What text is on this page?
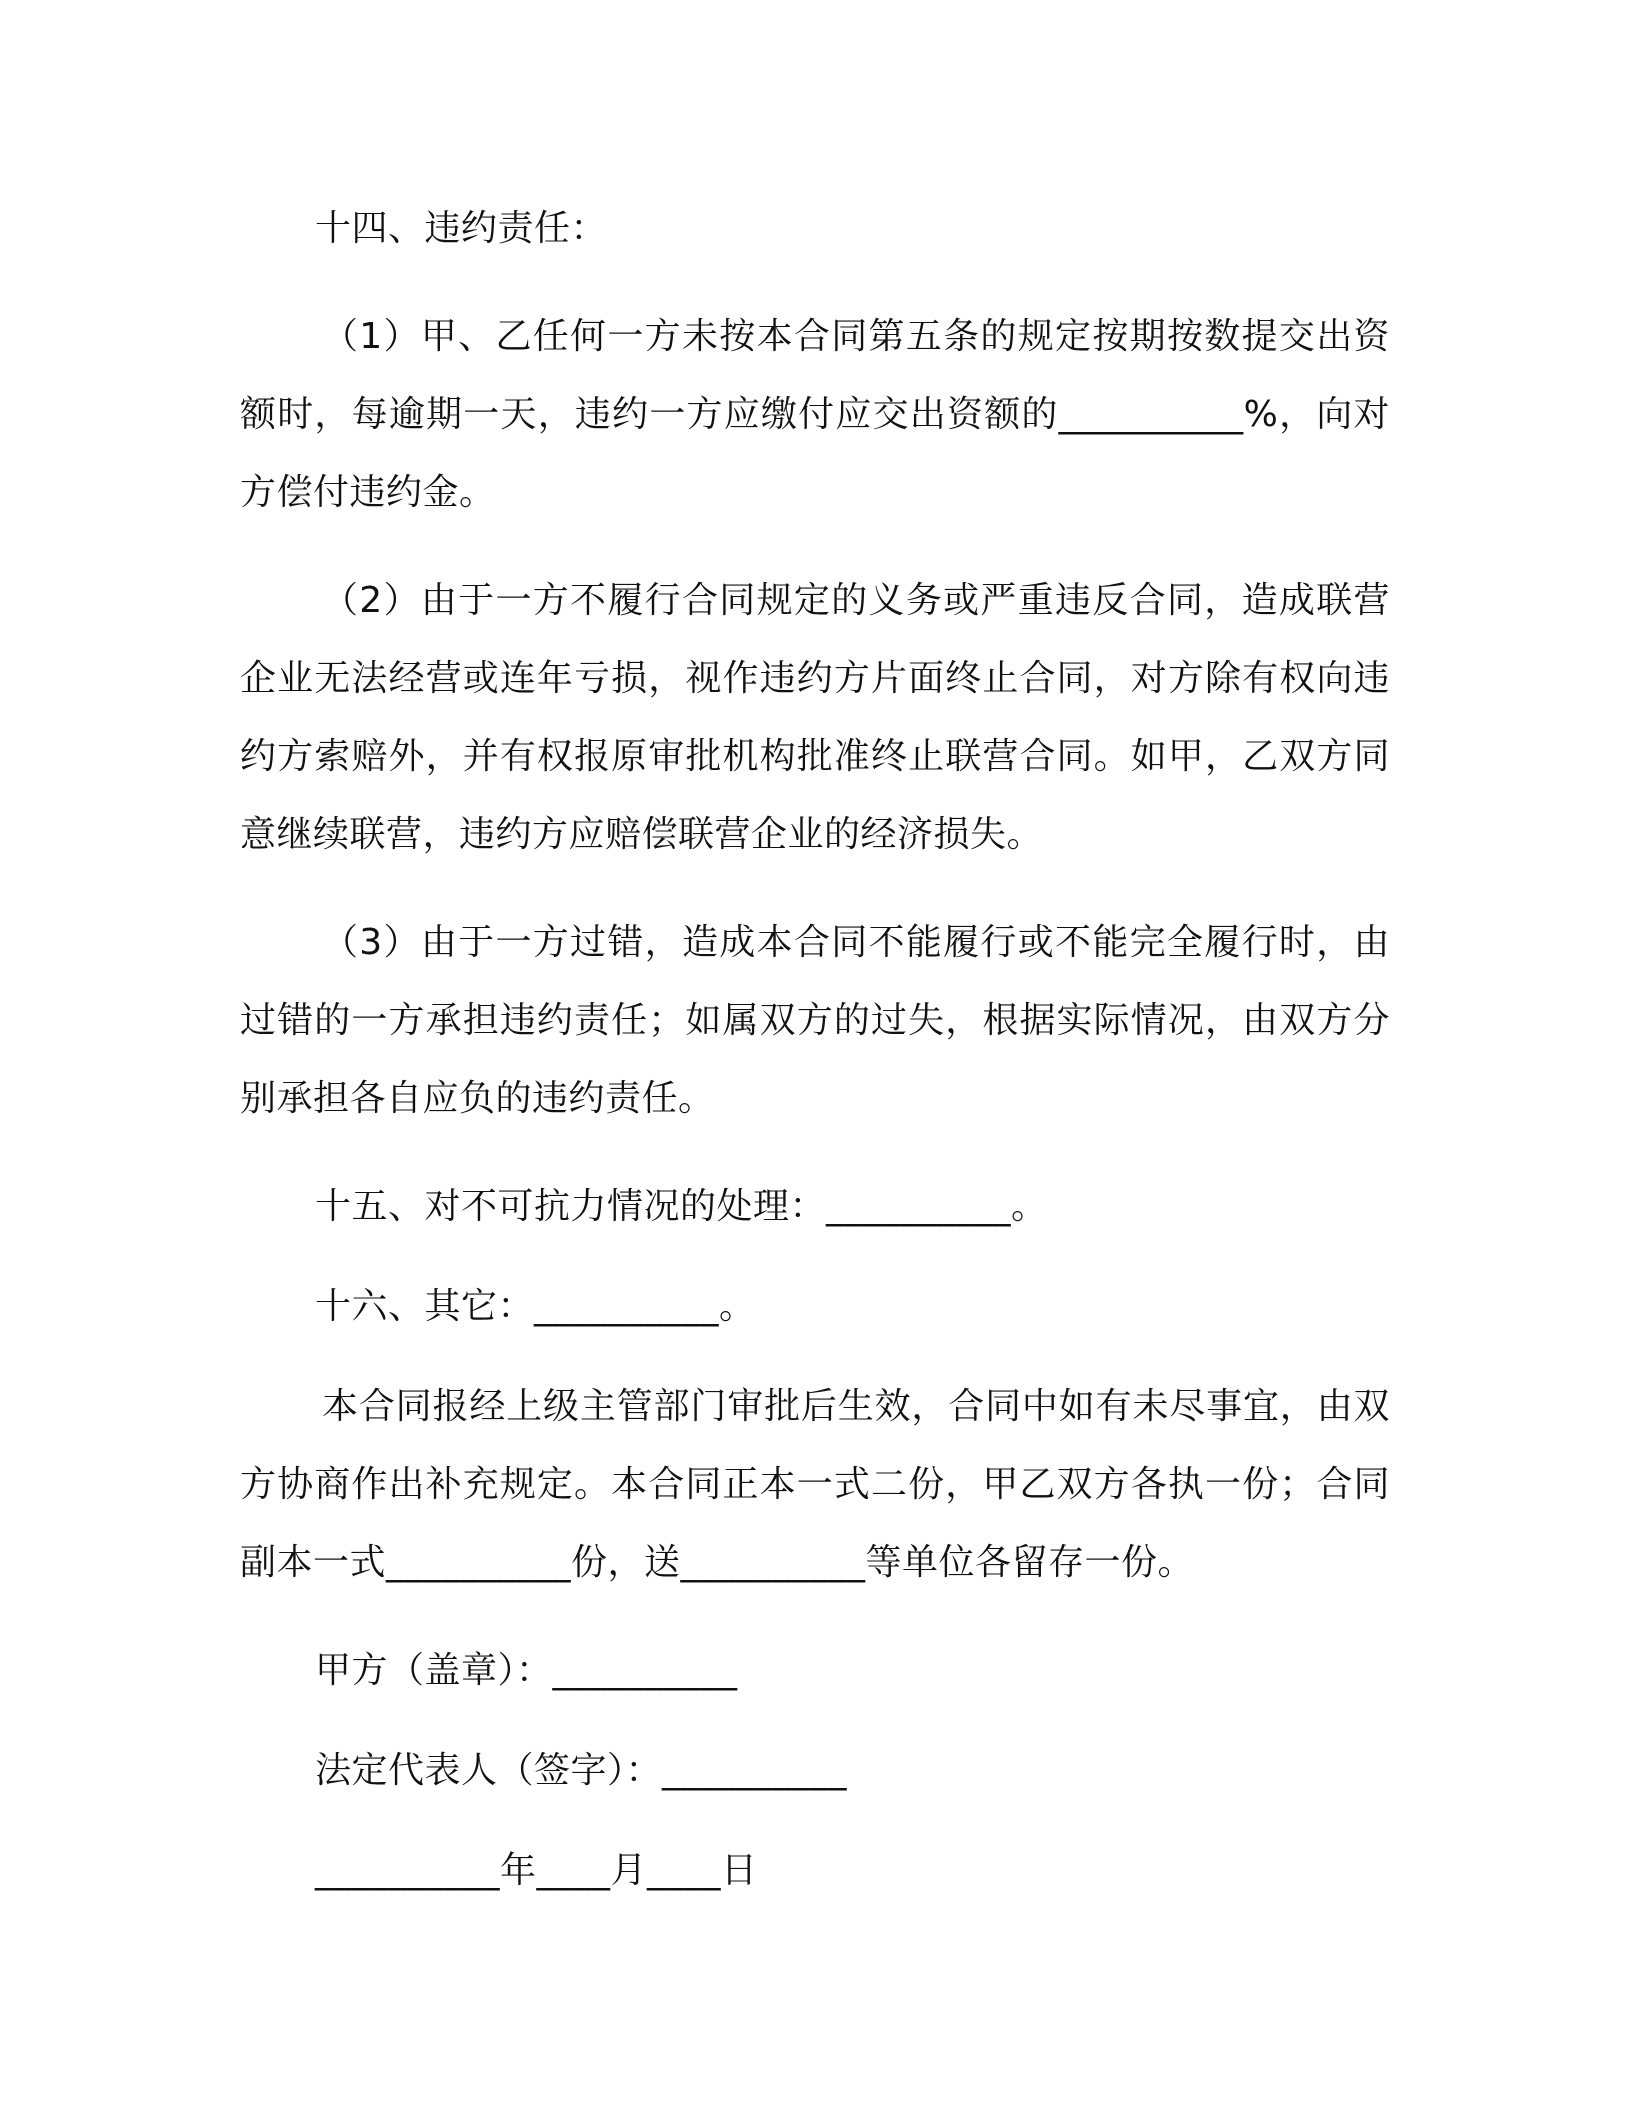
十四、违约责任：
（1）甲、乙任何一方未按本合同第五条的规定按期按数提交出资额时，每逾期一天，违约一方应缴付应交出资额的__________%，向对方偿付违约金。
（2）由于一方不履行合同规定的义务或严重违反合同，造成联营企业无法经营或连年亏损，视作违约方片面终止合同，对方除有权向违约方索赔外，并有权报原审批机构批准终止联营合同。如甲，乙双方同意继续联营，违约方应赔偿联营企业的经济损失。
（3）由于一方过错，造成本合同不能履行或不能完全履行时，由过错的一方承担违约责任；如属双方的过失，根据实际情况，由双方分别承担各自应负的违约责任。
十五、对不可抗力情况的处理：__________。
十六、其它：__________。
本合同报经上级主管部门审批后生效，合同中如有未尽事宜，由双方协商作出补充规定。本合同正本一式二份，甲乙双方各执一份；合同副本一式__________份，送__________等单位各留存一份。
甲方（盖章）：__________
法定代表人（签字）：__________
__________年____月____日
